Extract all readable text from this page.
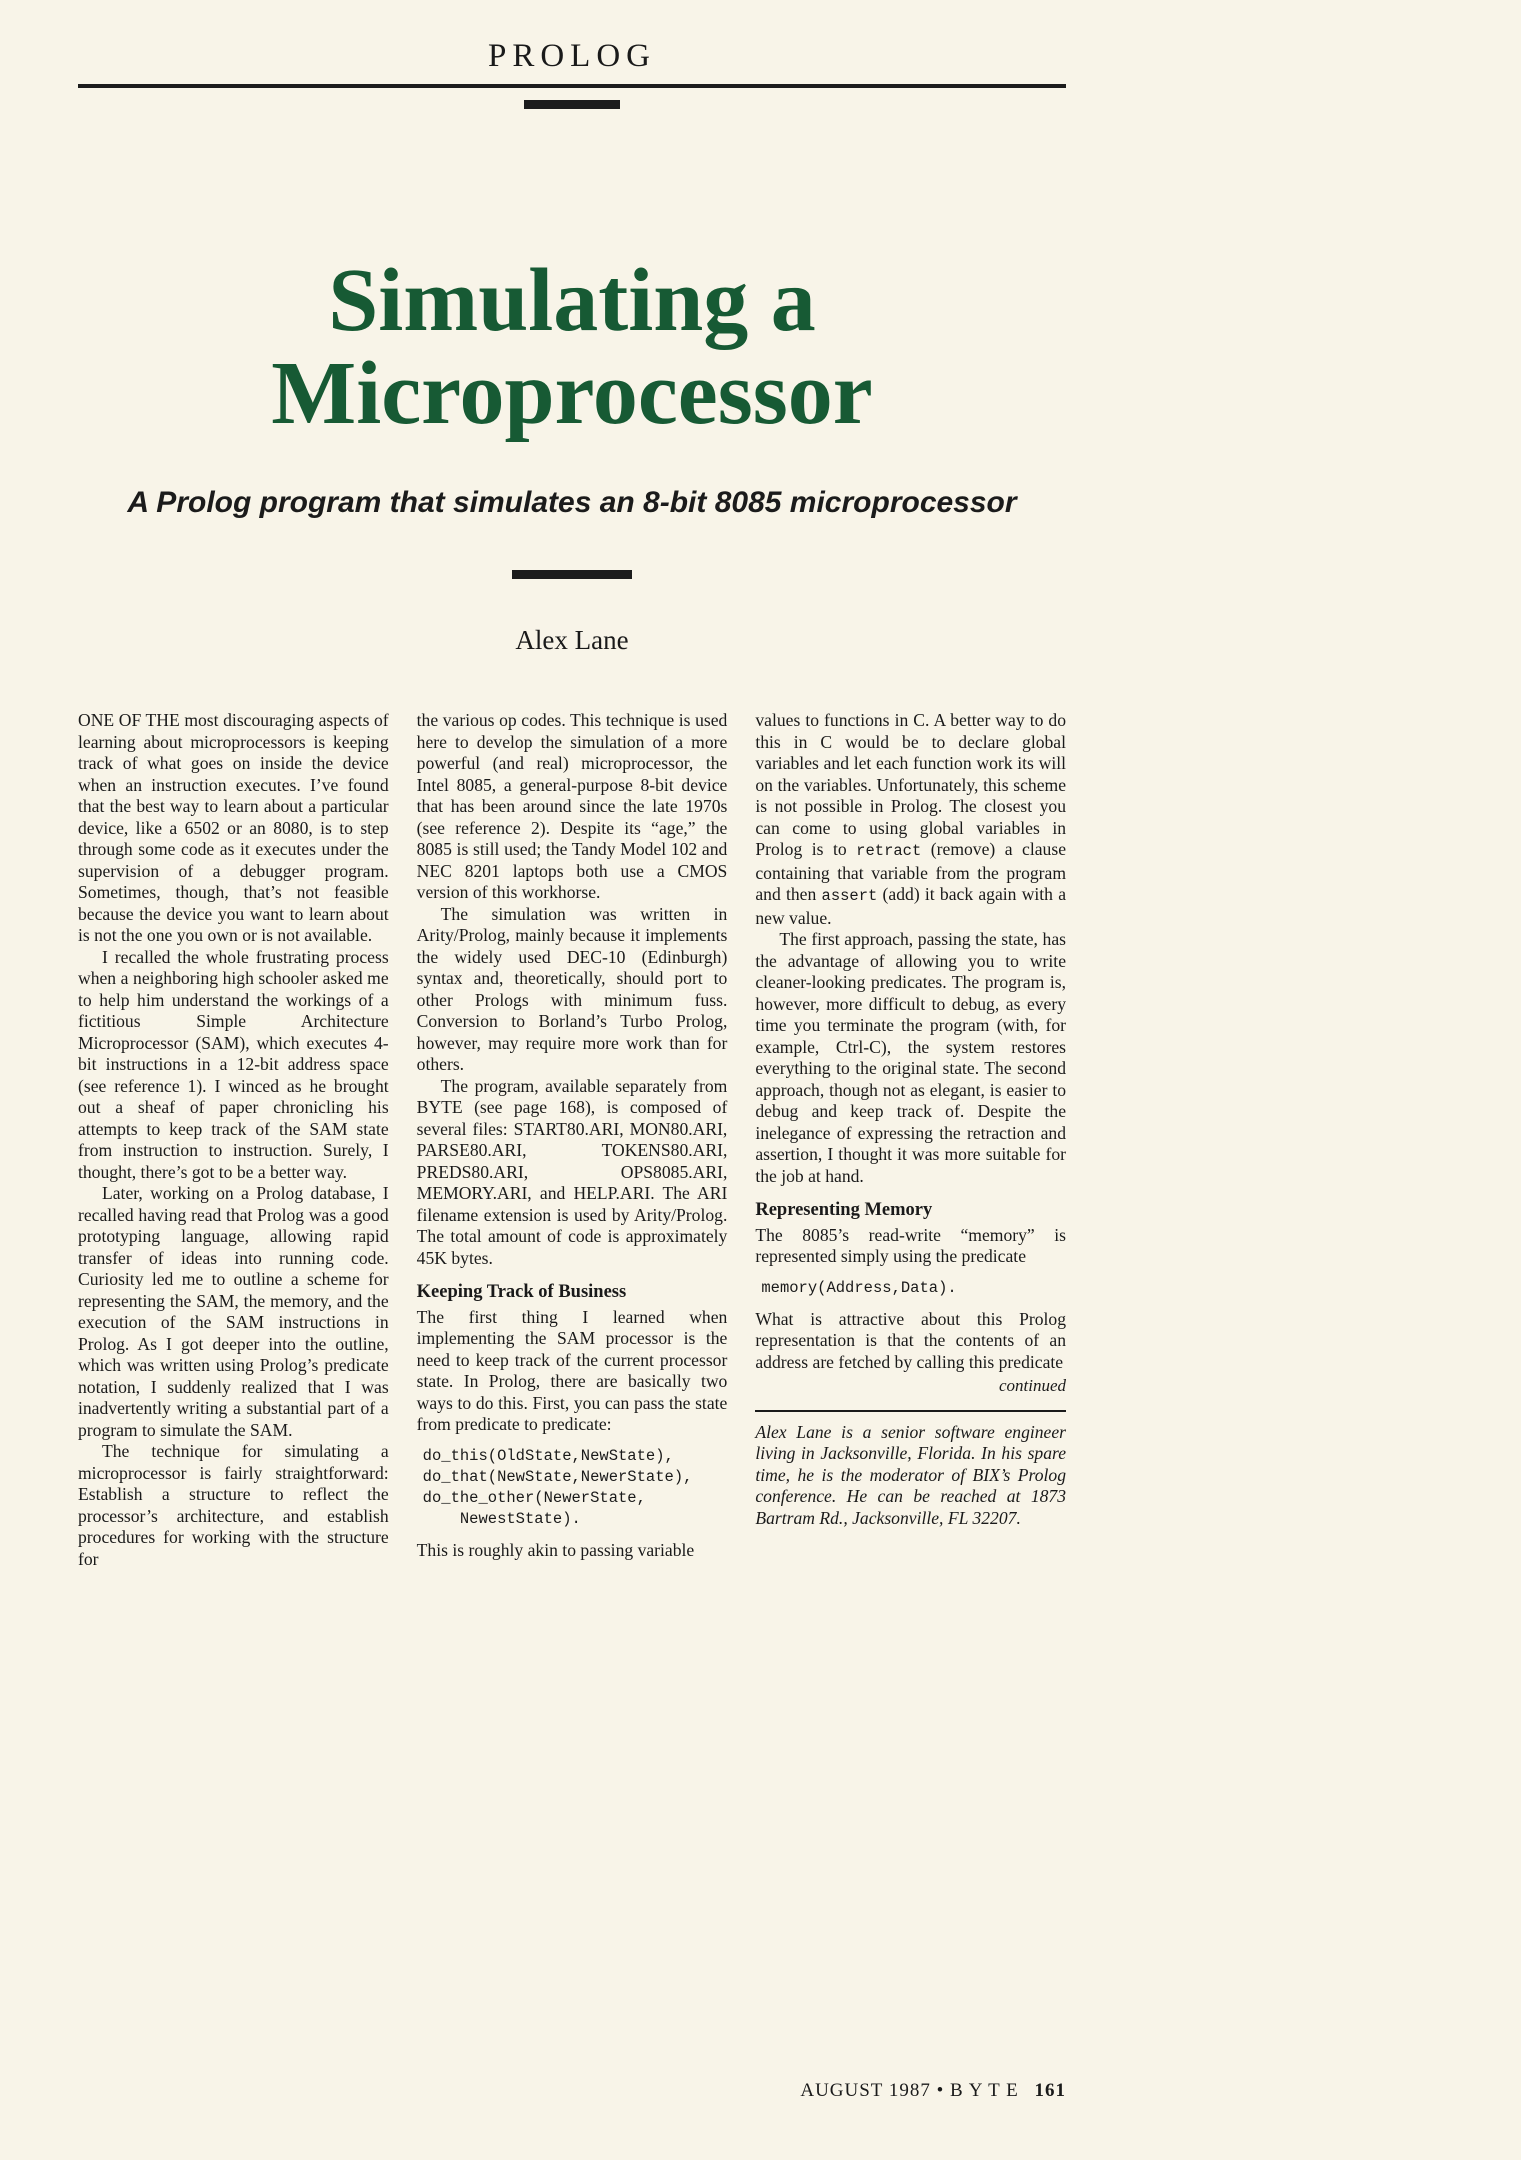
PROLOG
Simulating a
Microprocessor
A Prolog program that simulates an 8-bit 8085 microprocessor
Alex Lane

ONE OF THE most discouraging aspects of learning about microprocessors is keeping track of what goes on inside the device when an instruction executes. I’ve found that the best way to learn about a particular device, like a 6502 or an 8080, is to step through some code as it executes under the supervision of a debugger program. Sometimes, though, that’s not feasible because the device you want to learn about is not the one you own or is not available.

I recalled the whole frustrating process when a neighboring high schooler asked me to help him understand the workings of a fictitious Simple Architecture Microprocessor (SAM), which executes 4-bit instructions in a 12-bit address space (see reference 1). I winced as he brought out a sheaf of paper chronicling his attempts to keep track of the SAM state from instruction to instruction. Surely, I thought, there’s got to be a better way.

Later, working on a Prolog database, I recalled having read that Prolog was a good prototyping language, allowing rapid transfer of ideas into running code. Curiosity led me to outline a scheme for representing the SAM, the memory, and the execution of the SAM instructions in Prolog. As I got deeper into the outline, which was written using Prolog’s predicate notation, I suddenly realized that I was inadvertently writing a substantial part of a program to simulate the SAM.

The technique for simulating a microprocessor is fairly straightforward: Establish a structure to reflect the processor’s architecture, and establish procedures for working with the structure for

the various op codes. This technique is used here to develop the simulation of a more powerful (and real) microprocessor, the Intel 8085, a general-purpose 8-bit device that has been around since the late 1970s (see reference 2). Despite its “age,” the 8085 is still used; the Tandy Model 102 and NEC 8201 laptops both use a CMOS version of this workhorse.

The simulation was written in Arity/Prolog, mainly because it implements the widely used DEC-10 (Edinburgh) syntax and, theoretically, should port to other Prologs with minimum fuss. Conversion to Borland’s Turbo Prolog, however, may require more work than for others.

The program, available separately from BYTE (see page 168), is composed of several files: START80.ARI, MON80.ARI, PARSE80.ARI, TOKENS80.ARI, PREDS80.ARI, OPS8085.ARI, MEMORY.ARI, and HELP.ARI. The ARI filename extension is used by Arity/Prolog. The total amount of code is approximately 45K bytes.

Keeping Track of Business

The first thing I learned when implementing the SAM processor is the need to keep track of the current processor state. In Prolog, there are basically two ways to do this. First, you can pass the state from predicate to predicate:

do_this(OldState,NewState),
do_that(NewState,NewerState),
do_the_other(NewerState,
NewestState).

This is roughly akin to passing variable

values to functions in C. A better way to do this in C would be to declare global variables and let each function work its will on the variables. Unfortunately, this scheme is not possible in Prolog. The closest you can come to using global variables in Prolog is to retract (remove) a clause containing that variable from the program and then assert (add) it back again with a new value.

The first approach, passing the state, has the advantage of allowing you to write cleaner-looking predicates. The program is, however, more difficult to debug, as every time you terminate the program (with, for example, Ctrl-C), the system restores everything to the original state. The second approach, though not as elegant, is easier to debug and keep track of. Despite the inelegance of expressing the retraction and assertion, I thought it was more suitable for the job at hand.

Representing Memory

The 8085’s read-write “memory” is represented simply using the predicate

memory(Address,Data).

What is attractive about this Prolog representation is that the contents of an address are fetched by calling this predicate

continued

Alex Lane is a senior software engineer living in Jacksonville, Florida. In his spare time, he is the moderator of BIX’s Prolog conference. He can be reached at 1873 Bartram Rd., Jacksonville, FL 32207.

AUGUST 1987 • B Y T E 161
